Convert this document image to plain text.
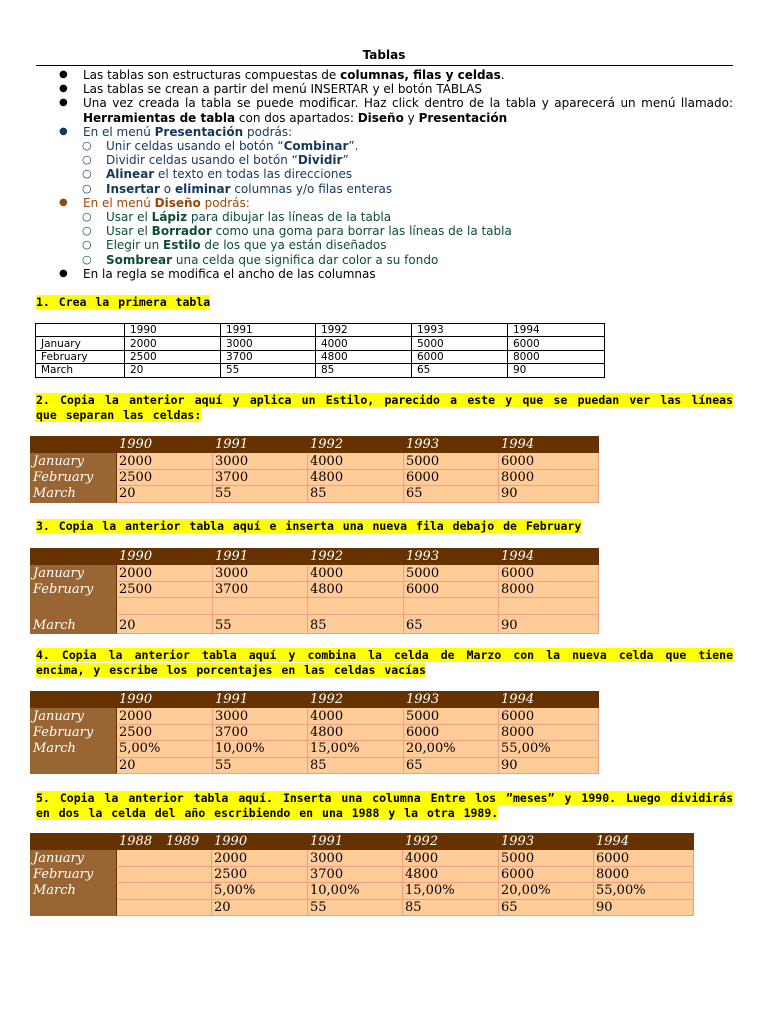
Tablas
● Las tablas son estructuras compuestas de columnas, filas y celdas.
● Las tablas se crean a partir del menú INSERTAR y el botón TABLAS
● Una vez creada la tabla se puede modificar. Haz click dentro de la tabla y aparecerá un menú llamado: Herramientas de tabla con dos apartados: Diseño y Presentación
● En el menú Presentación podrás:
○ Unir celdas usando el botón “Combinar”.
○ Dividir celdas usando el botón “Dividir”
○ Alinear el texto en todas las direcciones
○ Insertar o eliminar columnas y/o filas enteras
● En el menú Diseño podrás:
○ Usar el Lápiz para dibujar las líneas de la tabla
○ Usar el Borrador como una goma para borrar las líneas de la tabla
○ Elegir un Estilo de los que ya están diseñados
○ Sombrear una celda que significa dar color a su fondo
● En la regla se modifica el ancho de las columnas
1. Crea la primera tabla
	1990	1991	1992	1993	1994
January	2000	3000	4000	5000	6000
February	2500	3700	4800	6000	8000
March	20	55	85	65	90
2. Copia la anterior aquí y aplica un Estilo, parecido a este y que se puedan ver las líneas que separan las celdas:
	1990	1991	1992	1993	1994
January	2000	3000	4000	5000	6000
February	2500	3700	4800	6000	8000
March	20	55	85	65	90
3. Copia la anterior tabla aquí e inserta una nueva fila debajo de February
	1990	1991	1992	1993	1994
January	2000	3000	4000	5000	6000
February	2500	3700	4800	6000	8000

March	20	55	85	65	90
4. Copia la anterior tabla aquí y combina la celda de Marzo con la nueva celda que tiene encima, y escribe los porcentajes en las celdas vacías
	1990	1991	1992	1993	1994
January	2000	3000	4000	5000	6000
February	2500	3700	4800	6000	8000
March	5,00%	10,00%	15,00%	20,00%	55,00%
	20	55	85	65	90
5. Copia la anterior tabla aquí. Inserta una columna Entre los ”meses” y 1990. Luego dividirás en dos la celda del año escribiendo en una 1988 y la otra 1989.
	1988	1989	1990	1991	1992	1993	1994
January			2000	3000	4000	5000	6000
February			2500	3700	4800	6000	8000
March			5,00%	10,00%	15,00%	20,00%	55,00%
			20	55	85	65	90
